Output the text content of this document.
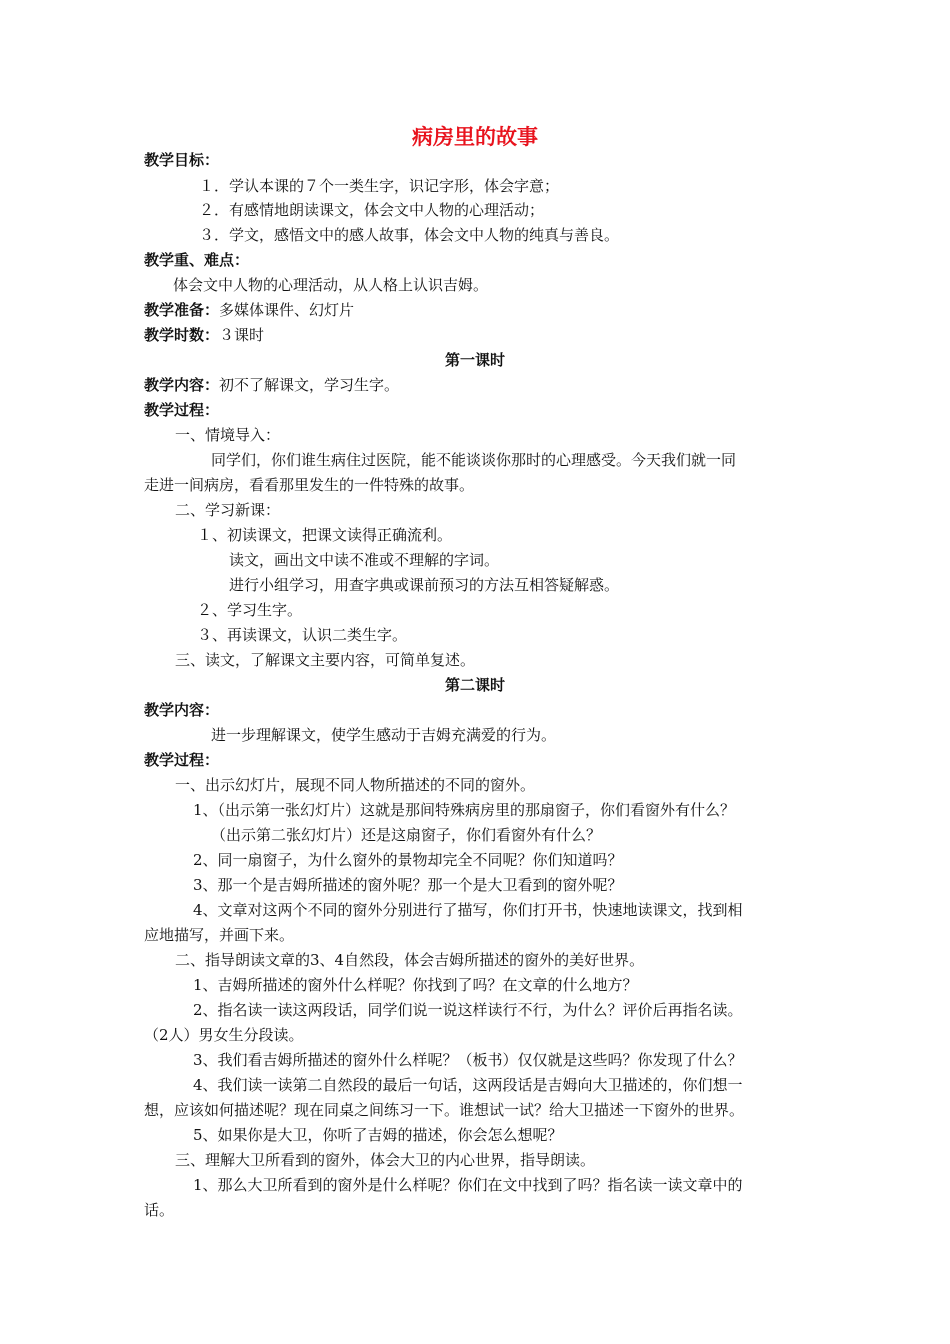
病房里的故事
教学目标：
１．学认本课的７个一类生字，识记字形，体会字意；
２．有感情地朗读课文，体会文中人物的心理活动；
３．学文，感悟文中的感人故事，体会文中人物的纯真与善良。
教学重、难点：
体会文中人物的心理活动，从人格上认识吉姆。
教学准备：多媒体课件、幻灯片
教学时数：３课时
第一课时
教学内容：初不了解课文，学习生字。
教学过程：
一、情境导入：
同学们，你们谁生病住过医院，能不能谈谈你那时的心理感受。今天我们就一同
走进一间病房，看看那里发生的一件特殊的故事。
二、学习新课：
１、初读课文，把课文读得正确流利。
读文，画出文中读不准或不理解的字词。
进行小组学习，用查字典或课前预习的方法互相答疑解惑。
２、学习生字。
３、再读课文，认识二类生字。
三、读文，了解课文主要内容，可简单复述。
第二课时
教学内容：
进一步理解课文，使学生感动于吉姆充满爱的行为。
教学过程：
一、出示幻灯片，展现不同人物所描述的不同的窗外。
1、（出示第一张幻灯片）这就是那间特殊病房里的那扇窗子，你们看窗外有什么？
（出示第二张幻灯片）还是这扇窗子，你们看窗外有什么？
2、同一扇窗子，为什么窗外的景物却完全不同呢？你们知道吗？
3、那一个是吉姆所描述的窗外呢？那一个是大卫看到的窗外呢？
4、文章对这两个不同的窗外分别进行了描写，你们打开书，快速地读课文，找到相
应地描写，并画下来。
二、指导朗读文章的3、4自然段，体会吉姆所描述的窗外的美好世界。
1、吉姆所描述的窗外什么样呢？你找到了吗？在文章的什么地方？
2、指名读一读这两段话，同学们说一说这样读行不行，为什么？评价后再指名读。
（2人）男女生分段读。
3、我们看吉姆所描述的窗外什么样呢？（板书）仅仅就是这些吗？你发现了什么？
4、我们读一读第二自然段的最后一句话，这两段话是吉姆向大卫描述的，你们想一
想，应该如何描述呢？现在同桌之间练习一下。谁想试一试？给大卫描述一下窗外的世界。
5、如果你是大卫，你听了吉姆的描述，你会怎么想呢？
三、理解大卫所看到的窗外，体会大卫的内心世界，指导朗读。
1、那么大卫所看到的窗外是什么样呢？你们在文中找到了吗？指名读一读文章中的
话。
